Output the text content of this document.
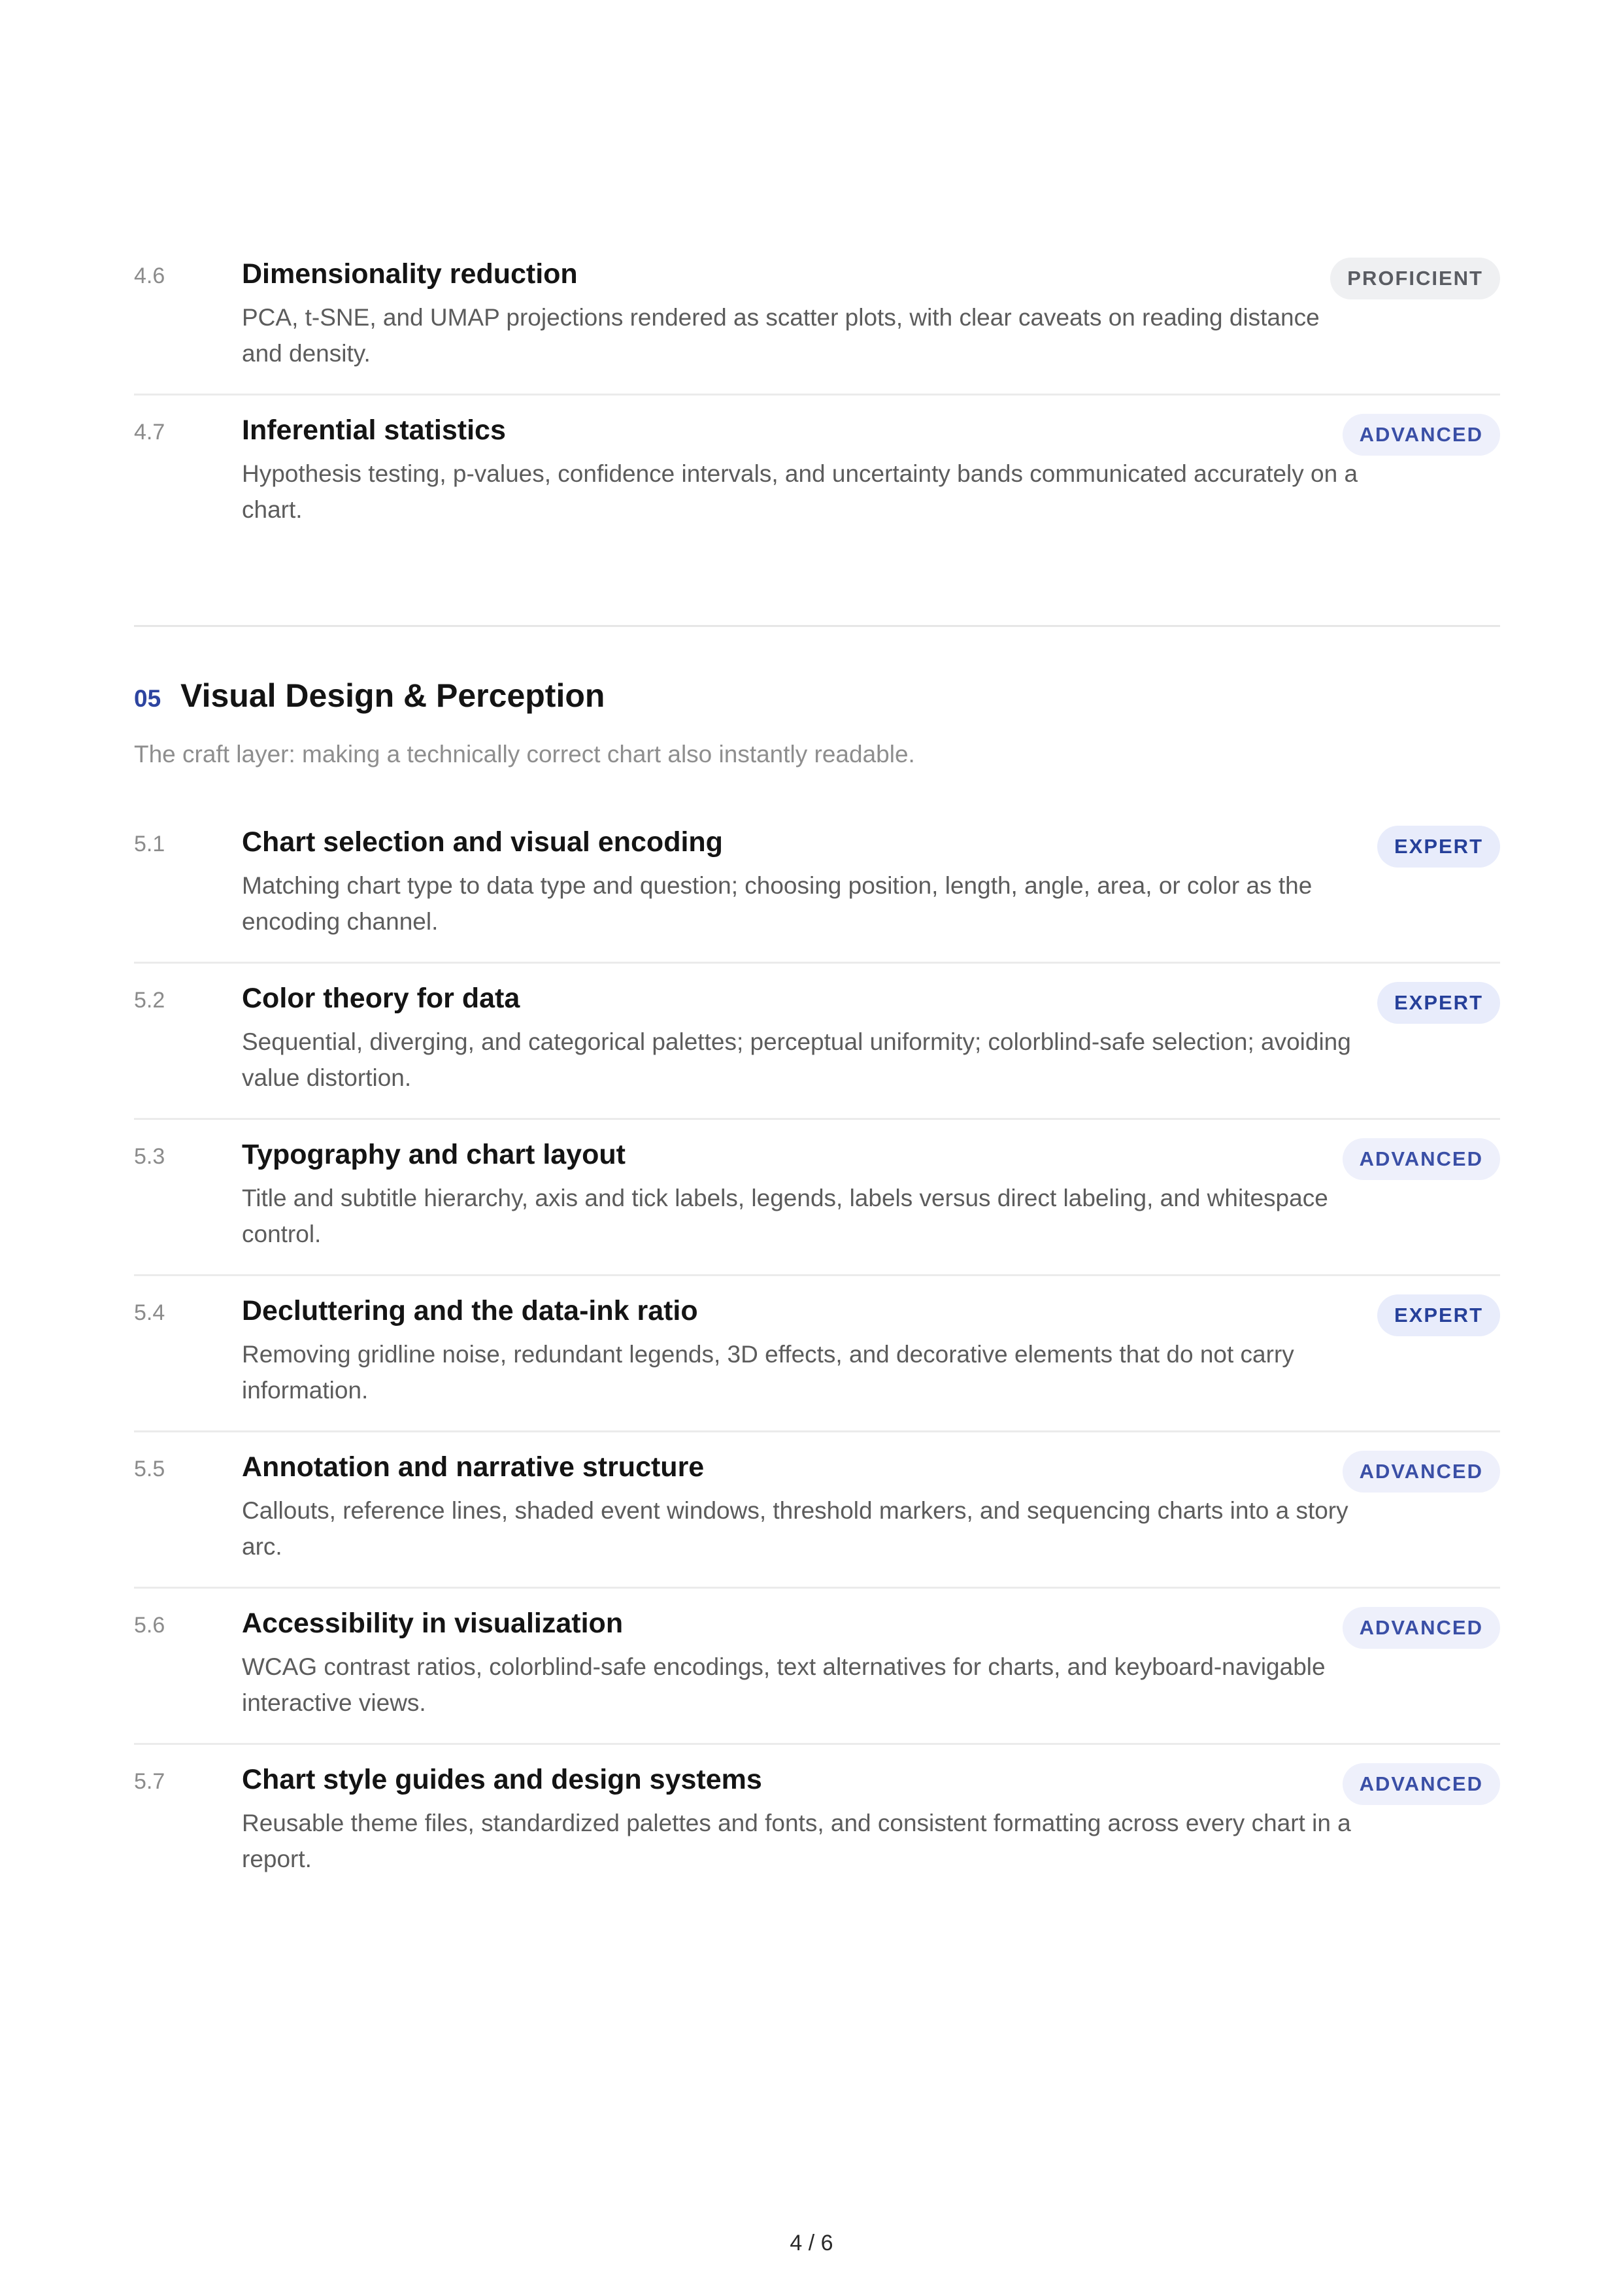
4.6	Dimensionality reduction
PCA, t-SNE, and UMAP projections rendered as scatter plots, with clear caveats on reading distance and density.
PROFICIENT
4.7	Inferential statistics
Hypothesis testing, p-values, confidence intervals, and uncertainty bands communicated accurately on a chart.
ADVANCED
05 Visual Design & Perception
The craft layer: making a technically correct chart also instantly readable.
5.1	Chart selection and visual encoding
Matching chart type to data type and question; choosing position, length, angle, area, or color as the encoding channel.
EXPERT
5.2	Color theory for data
Sequential, diverging, and categorical palettes; perceptual uniformity; colorblind-safe selection; avoiding value distortion.
EXPERT
5.3	Typography and chart layout
Title and subtitle hierarchy, axis and tick labels, legends, labels versus direct labeling, and whitespace control.
ADVANCED
5.4	Decluttering and the data-ink ratio
Removing gridline noise, redundant legends, 3D effects, and decorative elements that do not carry information.
EXPERT
5.5	Annotation and narrative structure
Callouts, reference lines, shaded event windows, threshold markers, and sequencing charts into a story arc.
ADVANCED
5.6	Accessibility in visualization
WCAG contrast ratios, colorblind-safe encodings, text alternatives for charts, and keyboard-navigable interactive views.
ADVANCED
5.7	Chart style guides and design systems
Reusable theme files, standardized palettes and fonts, and consistent formatting across every chart in a report.
ADVANCED
4 / 6
